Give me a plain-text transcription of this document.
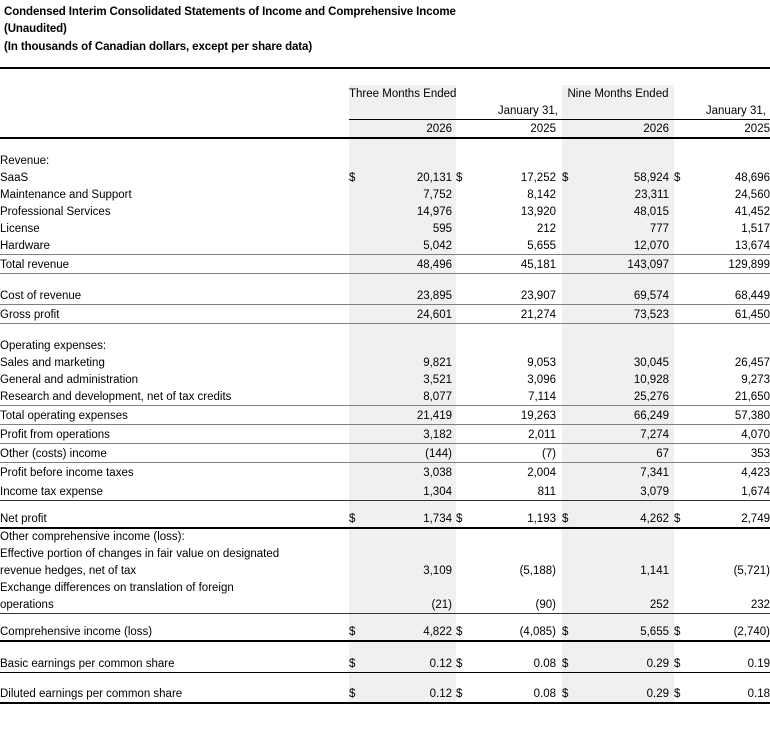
Condensed Interim Consolidated Statements of Income and Comprehensive Income
(Unaudited)
(In thousands of Canadian dollars, except per share data)

	Three Months Ended						Nine Months Ended				
				January 31,						January 31,	
		2026			2025			2026			2025

Revenue:											
SaaS	$	20,131		$	17,252		$	58,924		$	48,696
Maintenance and Support		7,752			8,142			23,311			24,560
Professional Services		14,976			13,920			48,015			41,452
License		595			212			777			1,517
Hardware		5,042			5,655			12,070			13,674
Total revenue		48,496			45,181			143,097			129,899

Cost of revenue		23,895			23,907			69,574			68,449
Gross profit		24,601			21,274			73,523			61,450

Operating expenses:											
Sales and marketing		9,821			9,053			30,045			26,457
General and administration		3,521			3,096			10,928			9,273
Research and development, net of tax credits		8,077			7,114			25,276			21,650
Total operating expenses		21,419			19,263			66,249			57,380
Profit from operations		3,182			2,011			7,274			4,070
Other (costs) income		(144)			(7)			67			353
Profit before income taxes		3,038			2,004			7,341			4,423
Income tax expense		1,304			811			3,079			1,674

Net profit	$	1,734		$	1,193		$	4,262		$	2,749
Other comprehensive income (loss):											
Effective portion of changes in fair value on designated											
revenue hedges, net of tax		3,109			(5,188)			1,141			(5,721)
Exchange differences on translation of foreign											
operations		(21)			(90)			252			232

Comprehensive income (loss)	$	4,822		$	(4,085)		$	5,655		$	(2,740)

Basic earnings per common share	$	0.12		$	0.08		$	0.29		$	0.19

Diluted earnings per common share	$	0.12		$	0.08		$	0.29		$	0.18
